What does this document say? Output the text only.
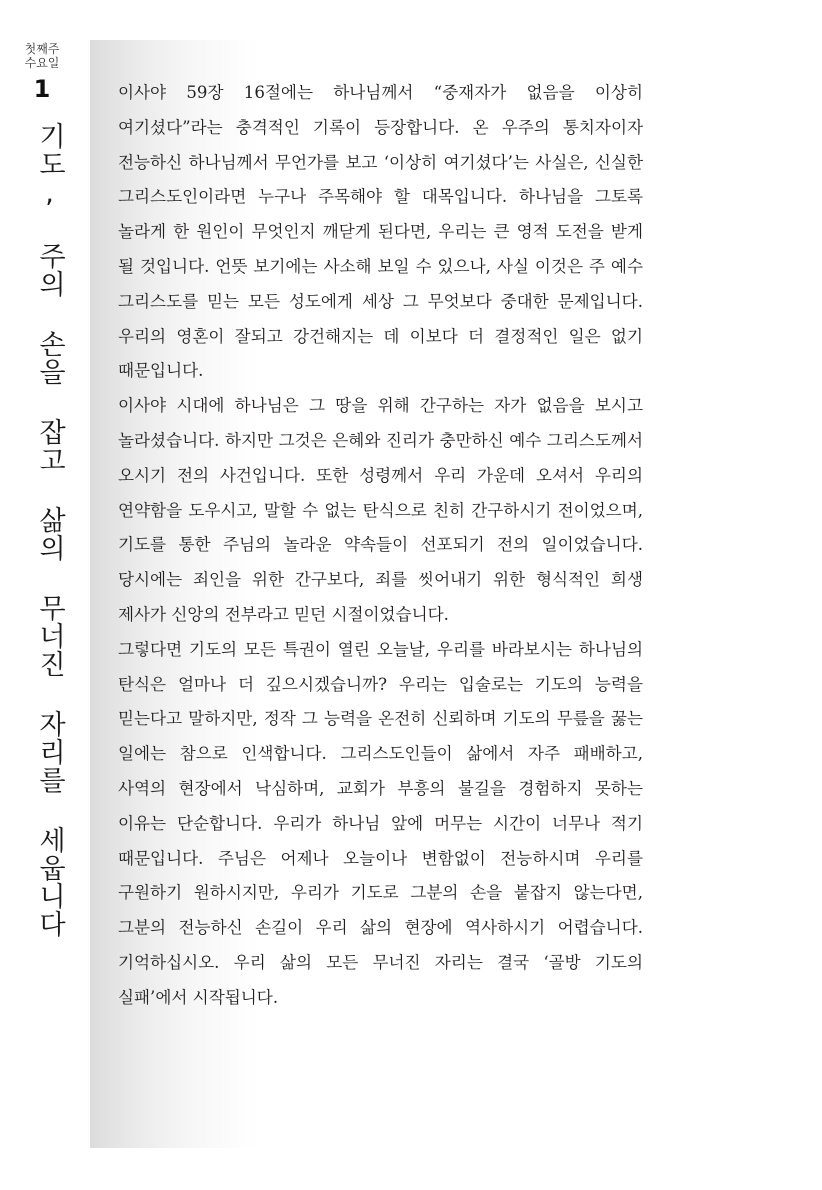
첫째주
수요일
1
기도, 주의 손을 잡고 삶의 무너진 자리를 세웁니다

이사야 59장 16절에는 하나님께서 “중재자가 없음을 이상히 여기셨다”라는 충격적인 기록이 등장합니다. 온 우주의 통치자이자 전능하신 하나님께서 무언가를 보고 ‘이상히 여기셨다’는 사실은, 신실한 그리스도인이라면 누구나 주목해야 할 대목입니다. 하나님을 그토록 놀라게 한 원인이 무엇인지 깨닫게 된다면, 우리는 큰 영적 도전을 받게 될 것입니다. 언뜻 보기에는 사소해 보일 수 있으나, 사실 이것은 주 예수 그리스도를 믿는 모든 성도에게 세상 그 무엇보다 중대한 문제입니다. 우리의 영혼이 잘되고 강건해지는 데 이보다 더 결정적인 일은 없기 때문입니다.

이사야 시대에 하나님은 그 땅을 위해 간구하는 자가 없음을 보시고 놀라셨습니다. 하지만 그것은 은혜와 진리가 충만하신 예수 그리스도께서 오시기 전의 사건입니다. 또한 성령께서 우리 가운데 오셔서 우리의 연약함을 도우시고, 말할 수 없는 탄식으로 친히 간구하시기 전이었으며, 기도를 통한 주님의 놀라운 약속들이 선포되기 전의 일이었습니다. 당시에는 죄인을 위한 간구보다, 죄를 씻어내기 위한 형식적인 희생 제사가 신앙의 전부라고 믿던 시절이었습니다.

그렇다면 기도의 모든 특권이 열린 오늘날, 우리를 바라보시는 하나님의 탄식은 얼마나 더 깊으시겠습니까? 우리는 입술로는 기도의 능력을 믿는다고 말하지만, 정작 그 능력을 온전히 신뢰하며 기도의 무릎을 꿇는 일에는 참으로 인색합니다. 그리스도인들이 삶에서 자주 패배하고, 사역의 현장에서 낙심하며, 교회가 부흥의 불길을 경험하지 못하는 이유는 단순합니다. 우리가 하나님 앞에 머무는 시간이 너무나 적기 때문입니다. 주님은 어제나 오늘이나 변함없이 전능하시며 우리를 구원하기 원하시지만, 우리가 기도로 그분의 손을 붙잡지 않는다면, 그분의 전능하신 손길이 우리 삶의 현장에 역사하시기 어렵습니다. 기억하십시오. 우리 삶의 모든 무너진 자리는 결국 ‘골방 기도의 실패’에서 시작됩니다.
